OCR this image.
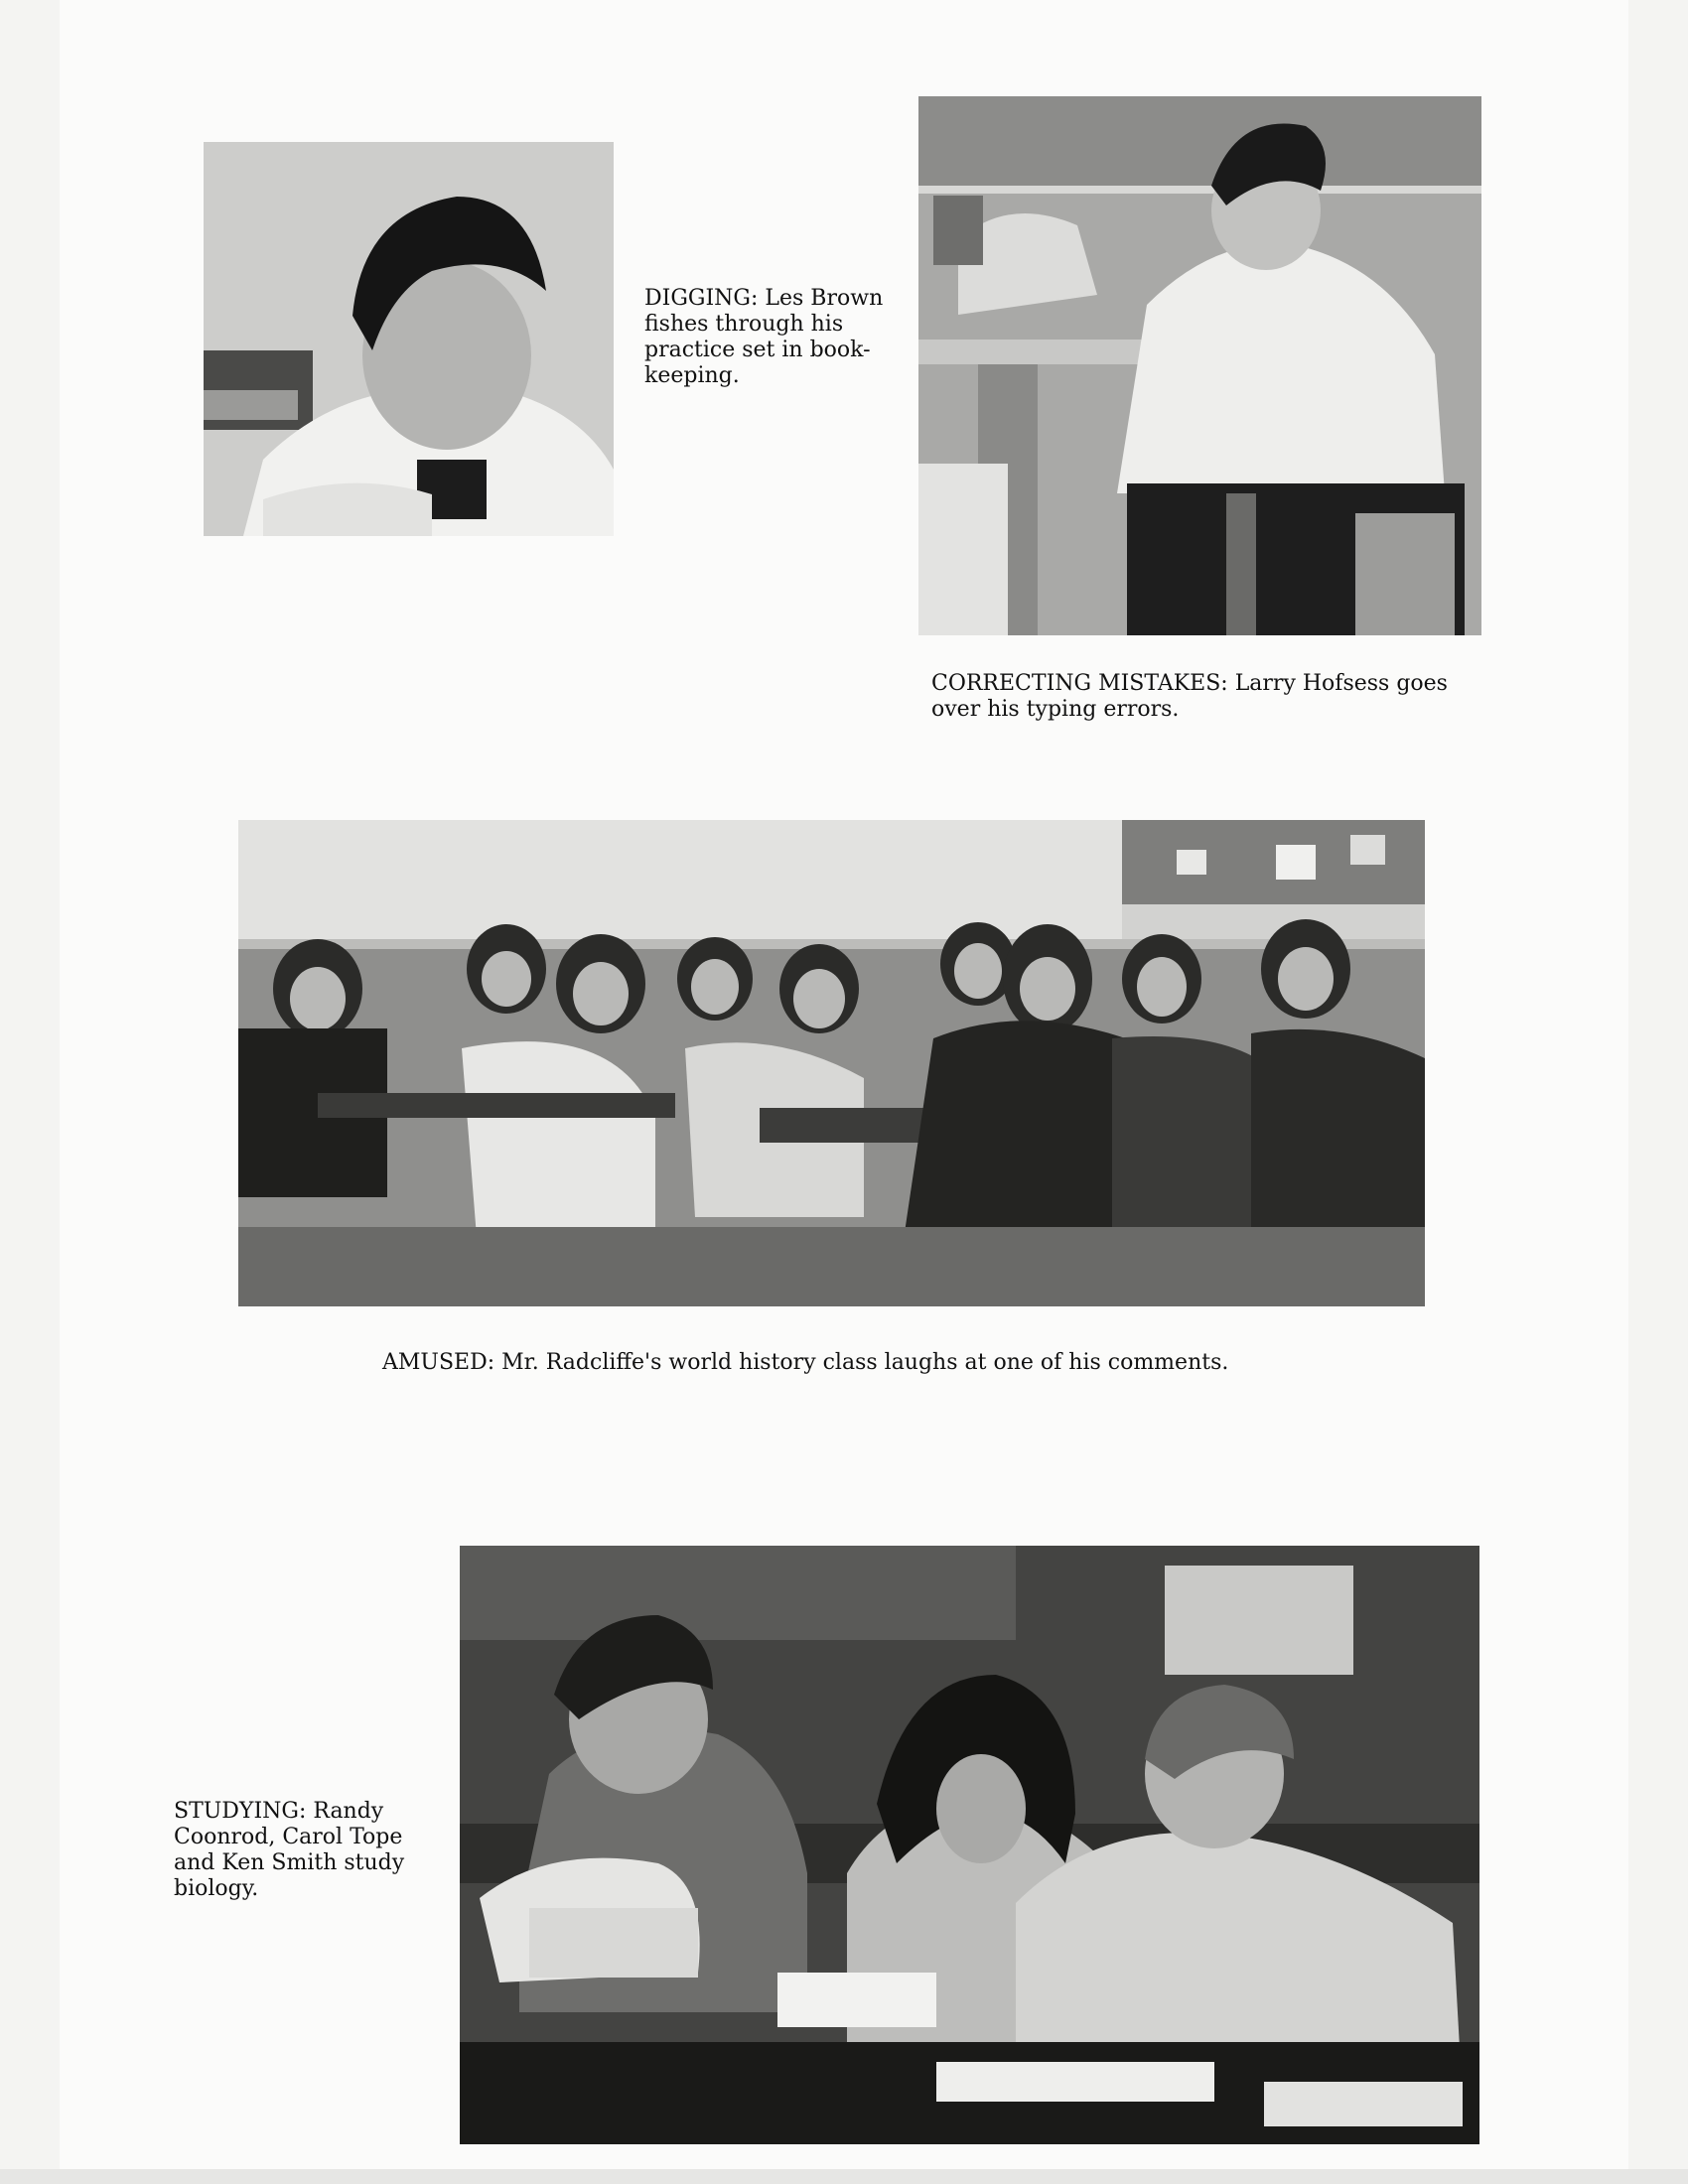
DIGGING: Les Brown fishes through his practice set in book-keeping.
CORRECTING MISTAKES: Larry Hofsess goes over his typing errors.
AMUSED: Mr. Radcliffe's world history class laughs at one of his comments.
STUDYING: Randy Coonrod, Carol Tope and Ken Smith study biology.
